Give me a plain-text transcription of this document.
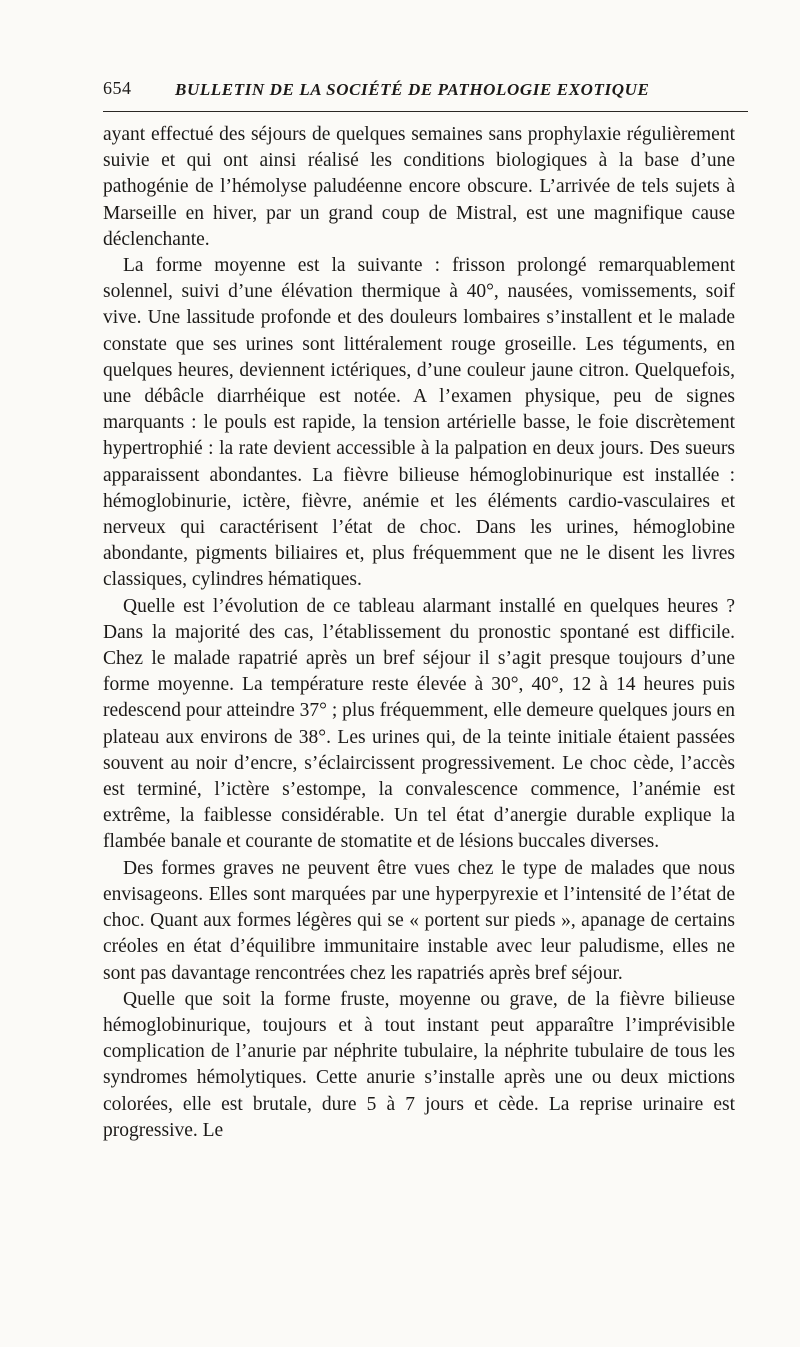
654	BULLETIN DE LA SOCIÉTÉ DE PATHOLOGIE EXOTIQUE

ayant effectué des séjours de quelques semaines sans prophylaxie régulièrement suivie et qui ont ainsi réalisé les conditions biologiques à la base d’une pathogénie de l’hémolyse paludéenne encore obscure. L’arrivée de tels sujets à Marseille en hiver, par un grand coup de Mistral, est une magnifique cause déclenchante.

La forme moyenne est la suivante : frisson prolongé remarquablement solennel, suivi d’une élévation thermique à 40°, nausées, vomissements, soif vive. Une lassitude profonde et des douleurs lombaires s’installent et le malade constate que ses urines sont littéralement rouge groseille. Les téguments, en quelques heures, deviennent ictériques, d’une couleur jaune citron. Quelquefois, une débâcle diarrhéique est notée. A l’examen physique, peu de signes marquants : le pouls est rapide, la tension artérielle basse, le foie discrètement hypertrophié : la rate devient accessible à la palpation en deux jours. Des sueurs apparaissent abondantes. La fièvre bilieuse hémoglobinurique est installée : hémoglobinurie, ictère, fièvre, anémie et les éléments cardio-vasculaires et nerveux qui caractérisent l’état de choc. Dans les urines, hémoglobine abondante, pigments biliaires et, plus fréquemment que ne le disent les livres classiques, cylindres hématiques.

Quelle est l’évolution de ce tableau alarmant installé en quelques heures ? Dans la majorité des cas, l’établissement du pronostic spontané est difficile. Chez le malade rapatrié après un bref séjour il s’agit presque toujours d’une forme moyenne. La température reste élevée à 30°, 40°, 12 à 14 heures puis redescend pour atteindre 37° ; plus fréquemment, elle demeure quelques jours en plateau aux environs de 38°. Les urines qui, de la teinte initiale étaient passées souvent au noir d’encre, s’éclaircissent progressivement. Le choc cède, l’accès est terminé, l’ictère s’estompe, la convalescence commence, l’anémie est extrême, la faiblesse considérable. Un tel état d’anergie durable explique la flambée banale et courante de stomatite et de lésions buccales diverses.

Des formes graves ne peuvent être vues chez le type de malades que nous envisageons. Elles sont marquées par une hyperpyrexie et l’intensité de l’état de choc. Quant aux formes légères qui se « portent sur pieds », apanage de certains créoles en état d’équilibre immunitaire instable avec leur paludisme, elles ne sont pas davantage rencontrées chez les rapatriés après bref séjour.

Quelle que soit la forme fruste, moyenne ou grave, de la fièvre bilieuse hémoglobinurique, toujours et à tout instant peut apparaître l’imprévisible complication de l’anurie par néphrite tubulaire, la néphrite tubulaire de tous les syndromes hémolytiques. Cette anurie s’installe après une ou deux mictions colorées, elle est brutale, dure 5 à 7 jours et cède. La reprise urinaire est progressive. Le
